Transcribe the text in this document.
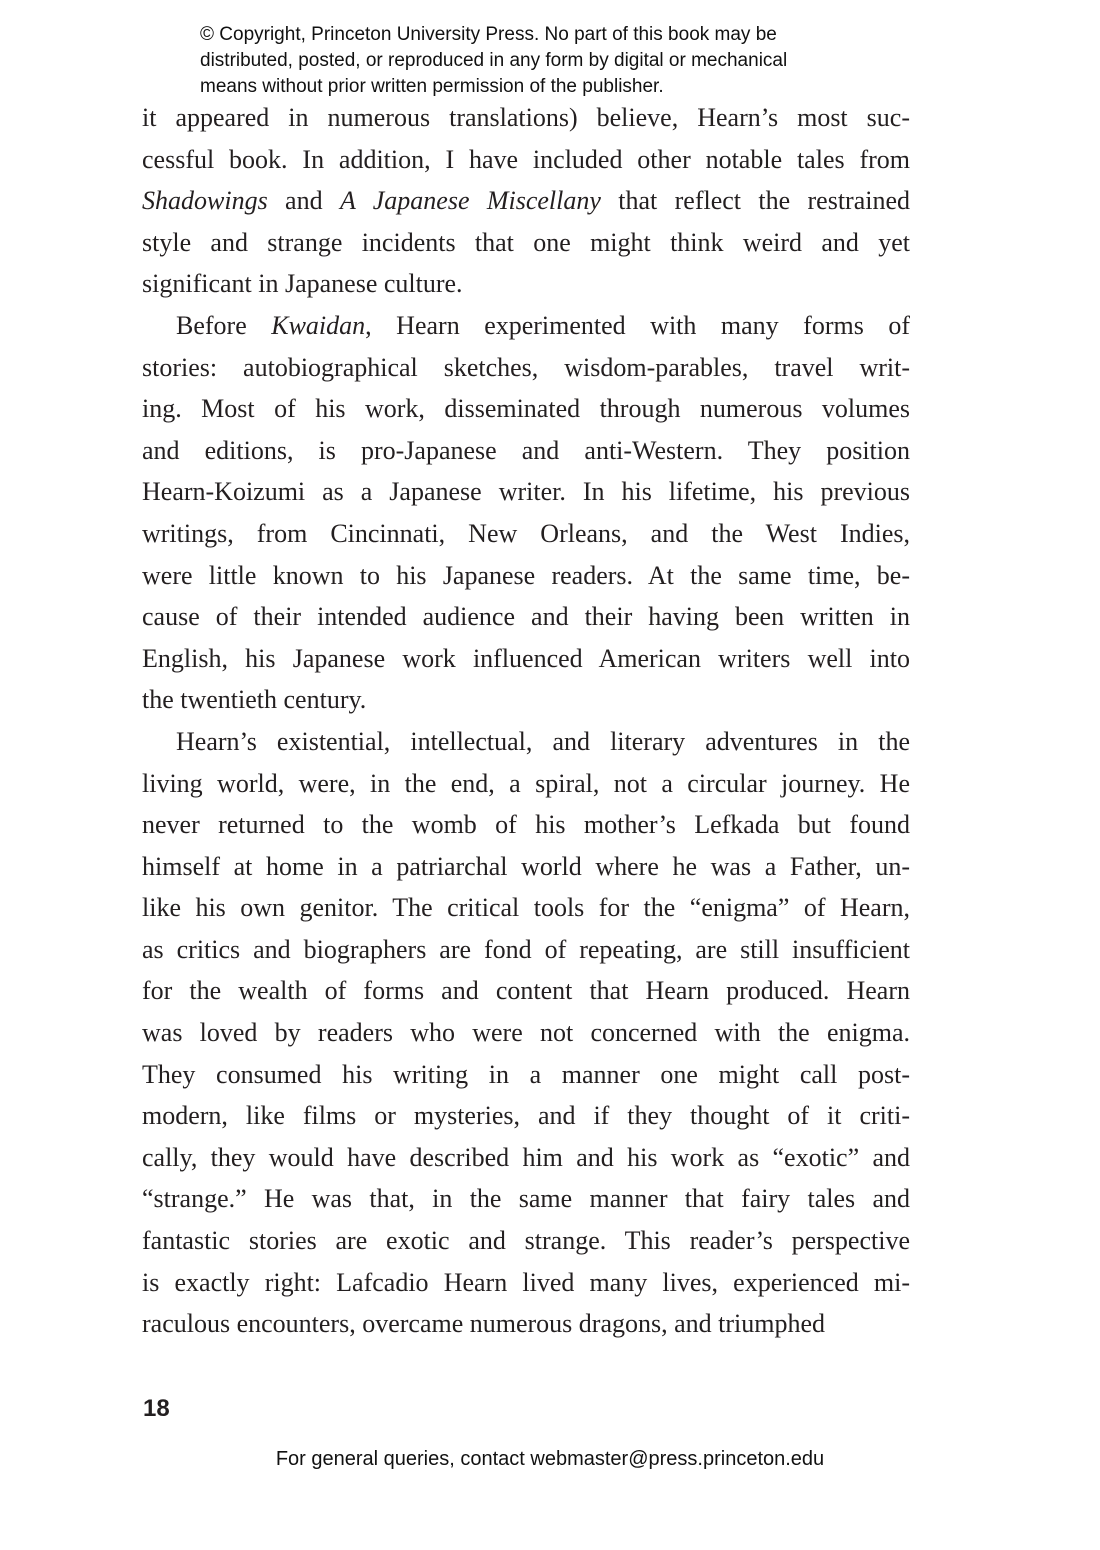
© Copyright, Princeton University Press. No part of this book may be
distributed, posted, or reproduced in any form by digital or mechanical
means without prior written permission of the publisher.
it appeared in numerous translations) believe, Hearn’s most suc-
cessful book. In addition, I have included other notable tales from
Shadowings and A Japanese Miscellany that reflect the restrained
style and strange incidents that one might think weird and yet
significant in Japanese culture.
Before Kwaidan, Hearn experimented with many forms of
stories: autobiographical sketches, wisdom-parables, travel writ-
ing. Most of his work, disseminated through numerous volumes
and editions, is pro-Japanese and anti-Western. They position
Hearn-Koizumi as a Japanese writer. In his lifetime, his previous
writings, from Cincinnati, New Orleans, and the West Indies,
were little known to his Japanese readers. At the same time, be-
cause of their intended audience and their having been written in
English, his Japanese work influenced American writers well into
the twentieth century.
Hearn’s existential, intellectual, and literary adventures in the
living world, were, in the end, a spiral, not a circular journey. He
never returned to the womb of his mother’s Lefkada but found
himself at home in a patriarchal world where he was a Father, un-
like his own genitor. The critical tools for the “enigma” of Hearn,
as critics and biographers are fond of repeating, are still insufficient
for the wealth of forms and content that Hearn produced. Hearn
was loved by readers who were not concerned with the enigma.
They consumed his writing in a manner one might call post-
modern, like films or mysteries, and if they thought of it criti-
cally, they would have described him and his work as “exotic” and
“strange.” He was that, in the same manner that fairy tales and
fantastic stories are exotic and strange. This reader’s perspective
is exactly right: Lafcadio Hearn lived many lives, experienced mi-
raculous encounters, overcame numerous dragons, and triumphed
18
For general queries, contact webmaster@press.princeton.edu
